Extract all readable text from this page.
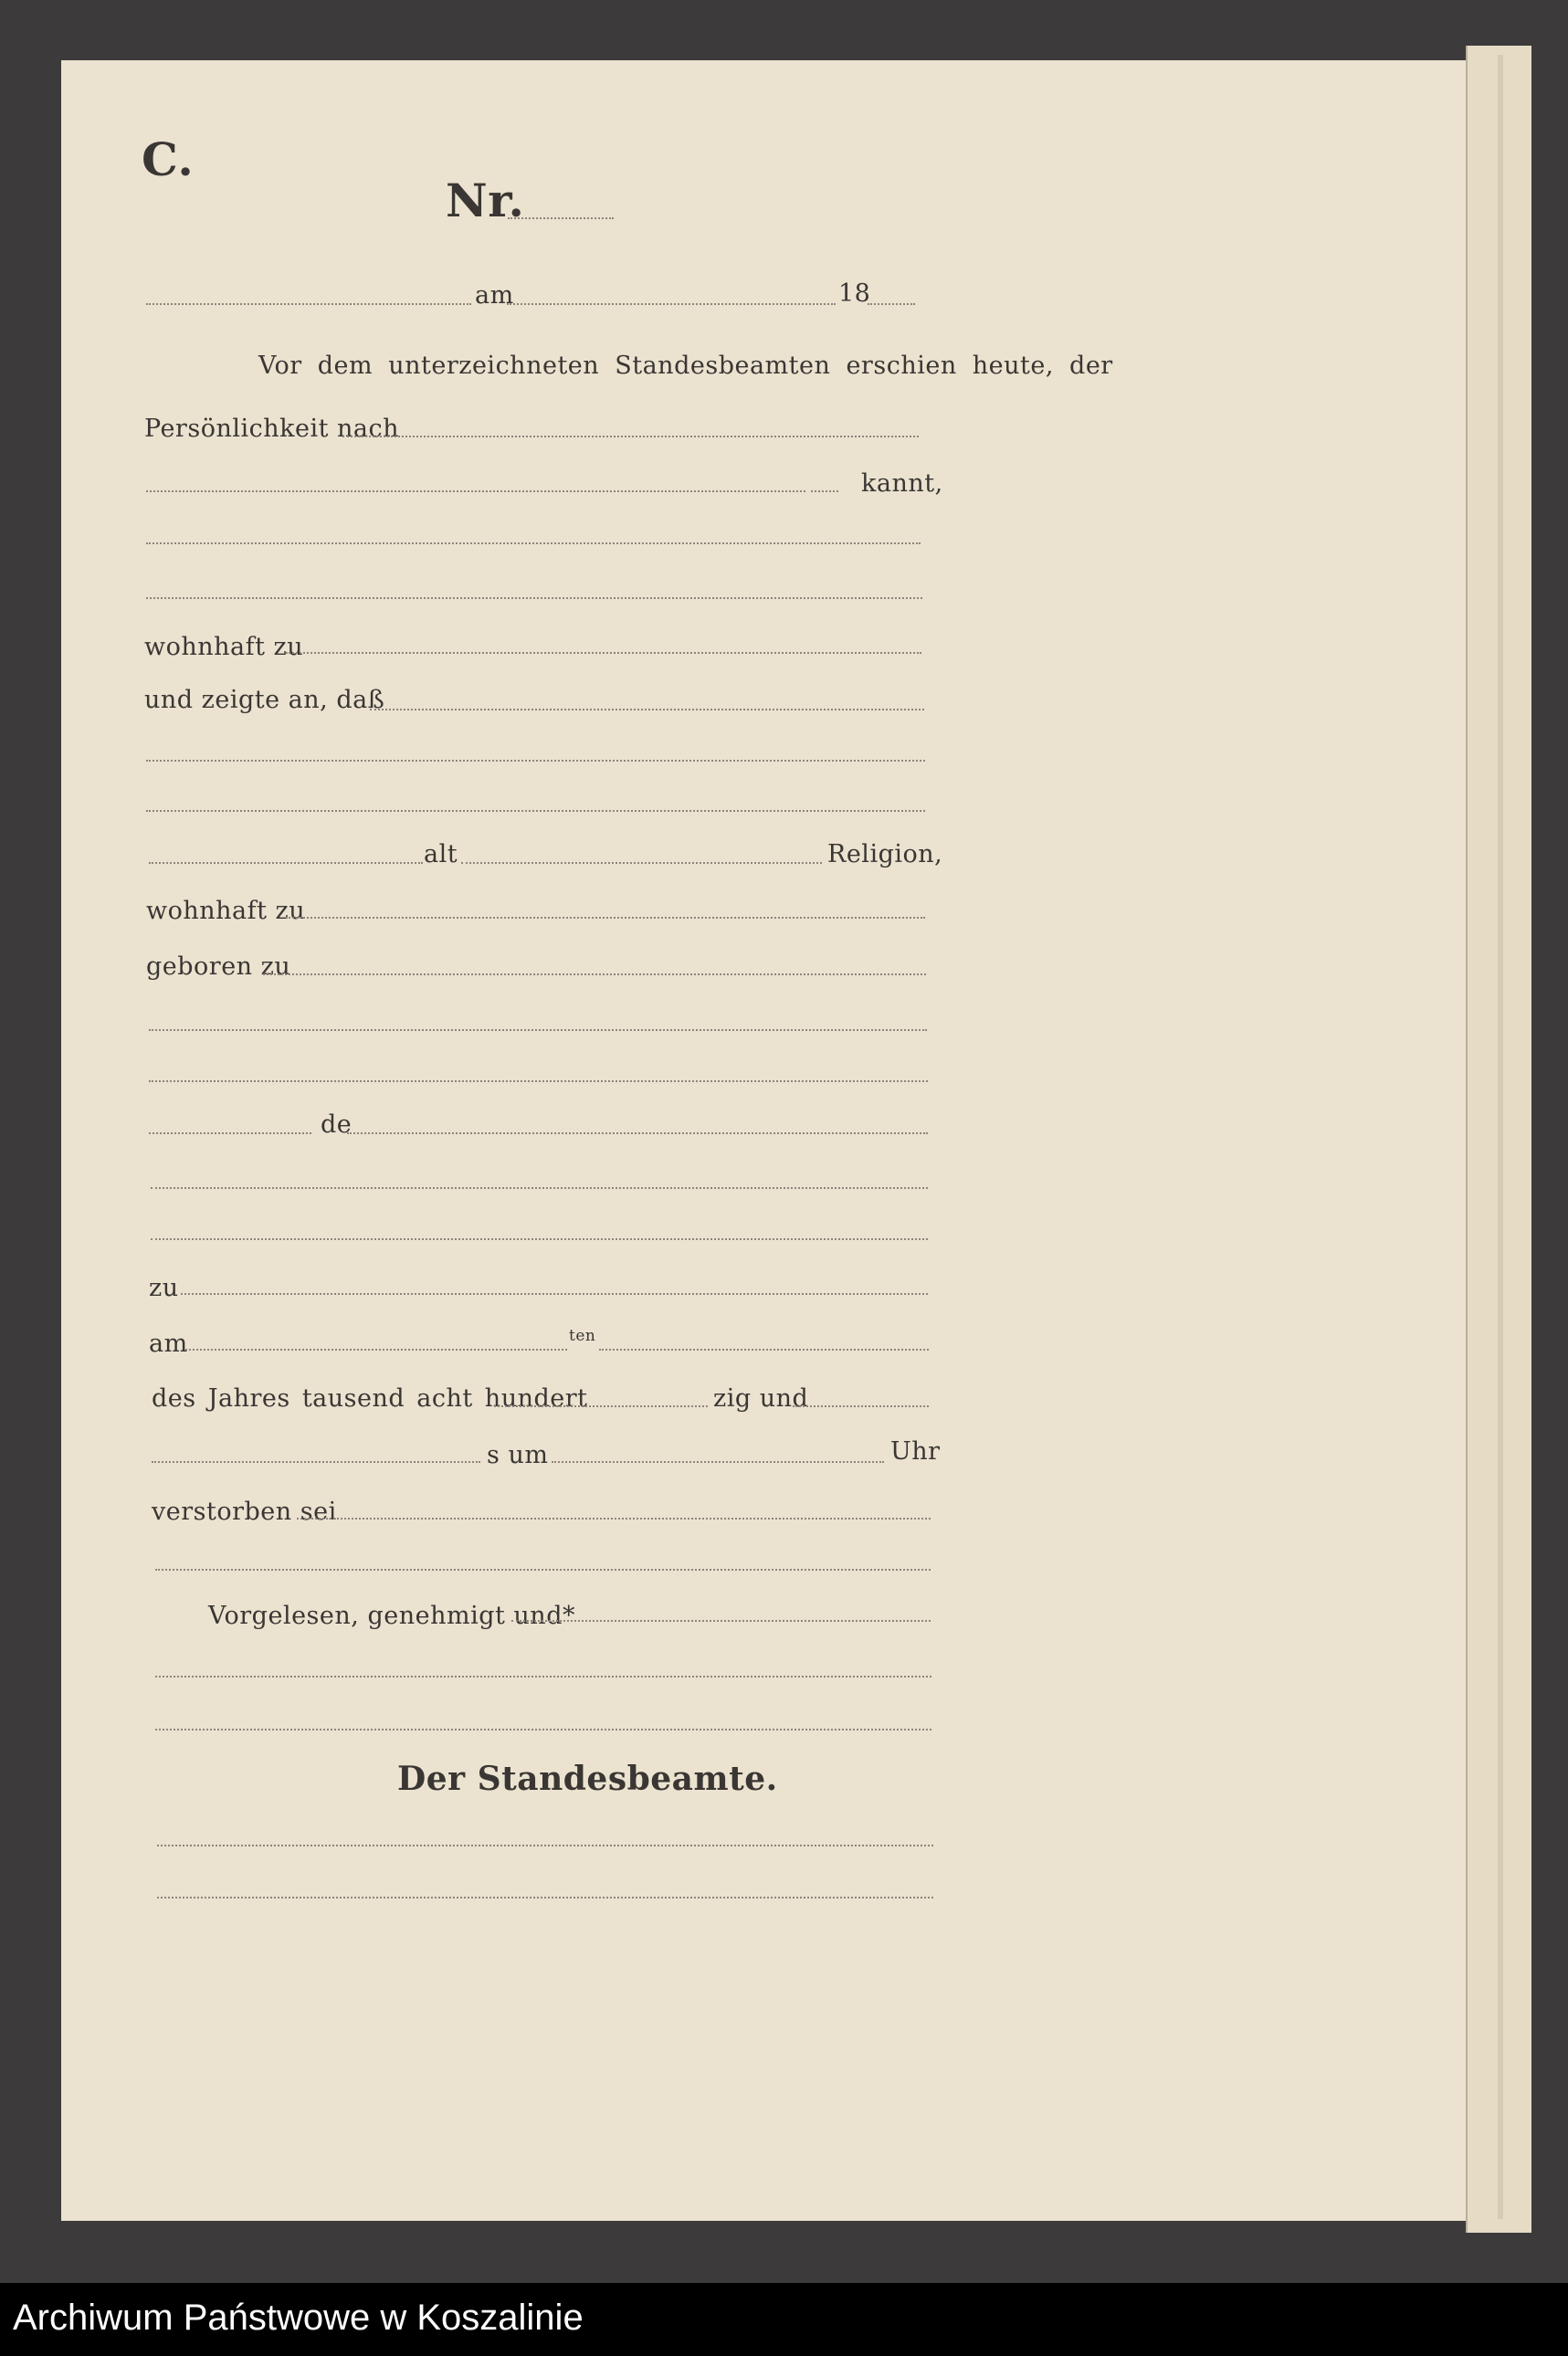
C.
Nr.
am	18
Vor dem unterzeichneten Standesbeamten erschien heute, der
Persönlichkeit nach
kannt,
wohnhaft zu
und zeigte an, daß
alt	Religion,
wohnhaft zu
geboren zu
de
zu
am	ten
des Jahres tausend acht hundert	zig und
s um	Uhr
verstorben sei
Vorgelesen, genehmigt und*
Der Standesbeamte.
Archiwum Państwowe w Koszalinie
